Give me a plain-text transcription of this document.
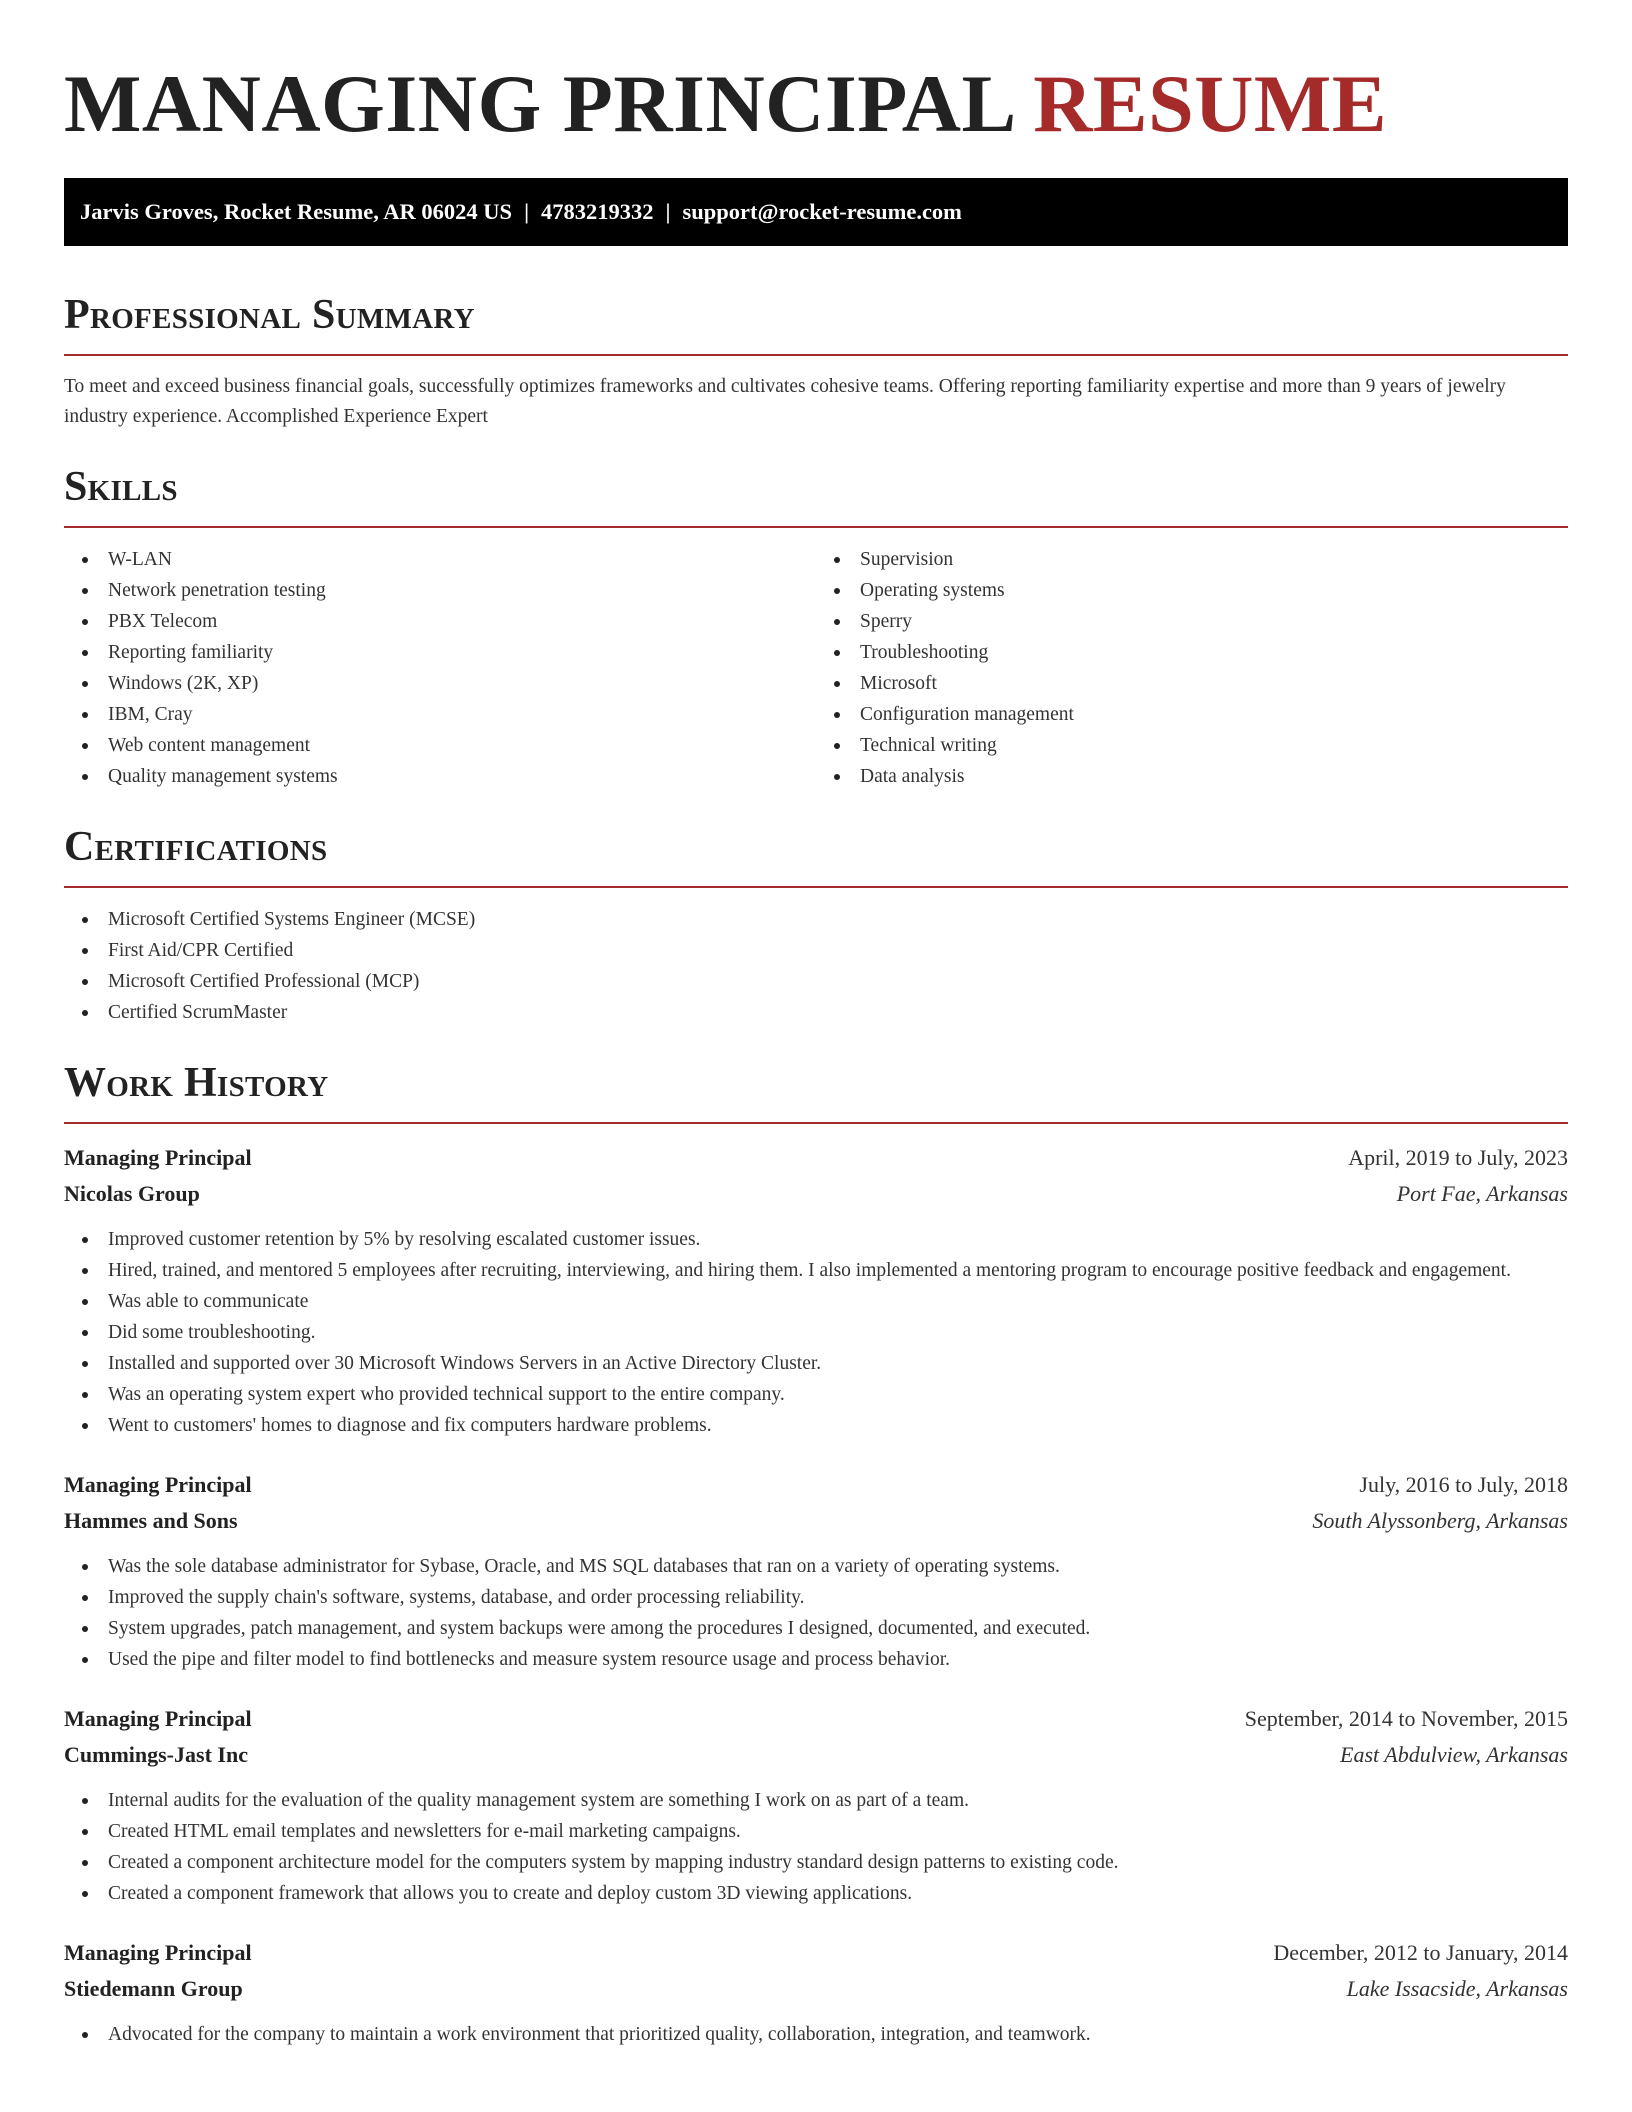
MANAGING PRINCIPAL RESUME
Jarvis Groves, Rocket Resume, AR 06024 US | 4783219332 | support@rocket-resume.com
Professional Summary

To meet and exceed business financial goals, successfully optimizes frameworks and cultivates cohesive teams. Offering reporting familiarity expertise and more than 9 years of jewelry industry experience. Accomplished Experience Expert

Skills
W-LAN
Network penetration testing
PBX Telecom
Reporting familiarity
Windows (2K, XP)
IBM, Cray
Web content management
Quality management systems
Supervision
Operating systems
Sperry
Troubleshooting
Microsoft
Configuration management
Technical writing
Data analysis
Certifications
Microsoft Certified Systems Engineer (MCSE)
First Aid/CPR Certified
Microsoft Certified Professional (MCP)
Certified ScrumMaster
Work History
Managing Principal	April, 2019 to July, 2023
Nicolas Group	Port Fae, Arkansas
Improved customer retention by 5% by resolving escalated customer issues.
Hired, trained, and mentored 5 employees after recruiting, interviewing, and hiring them. I also implemented a mentoring program to encourage positive feedback and engagement.
Was able to communicate
Did some troubleshooting.
Installed and supported over 30 Microsoft Windows Servers in an Active Directory Cluster.
Was an operating system expert who provided technical support to the entire company.
Went to customers' homes to diagnose and fix computers hardware problems.
Managing Principal	July, 2016 to July, 2018
Hammes and Sons	South Alyssonberg, Arkansas
Was the sole database administrator for Sybase, Oracle, and MS SQL databases that ran on a variety of operating systems.
Improved the supply chain's software, systems, database, and order processing reliability.
System upgrades, patch management, and system backups were among the procedures I designed, documented, and executed.
Used the pipe and filter model to find bottlenecks and measure system resource usage and process behavior.
Managing Principal	September, 2014 to November, 2015
Cummings-Jast Inc	East Abdulview, Arkansas
Internal audits for the evaluation of the quality management system are something I work on as part of a team.
Created HTML email templates and newsletters for e-mail marketing campaigns.
Created a component architecture model for the computers system by mapping industry standard design patterns to existing code.
Created a component framework that allows you to create and deploy custom 3D viewing applications.
Managing Principal	December, 2012 to January, 2014
Stiedemann Group	Lake Issacside, Arkansas
Advocated for the company to maintain a work environment that prioritized quality, collaboration, integration, and teamwork.
